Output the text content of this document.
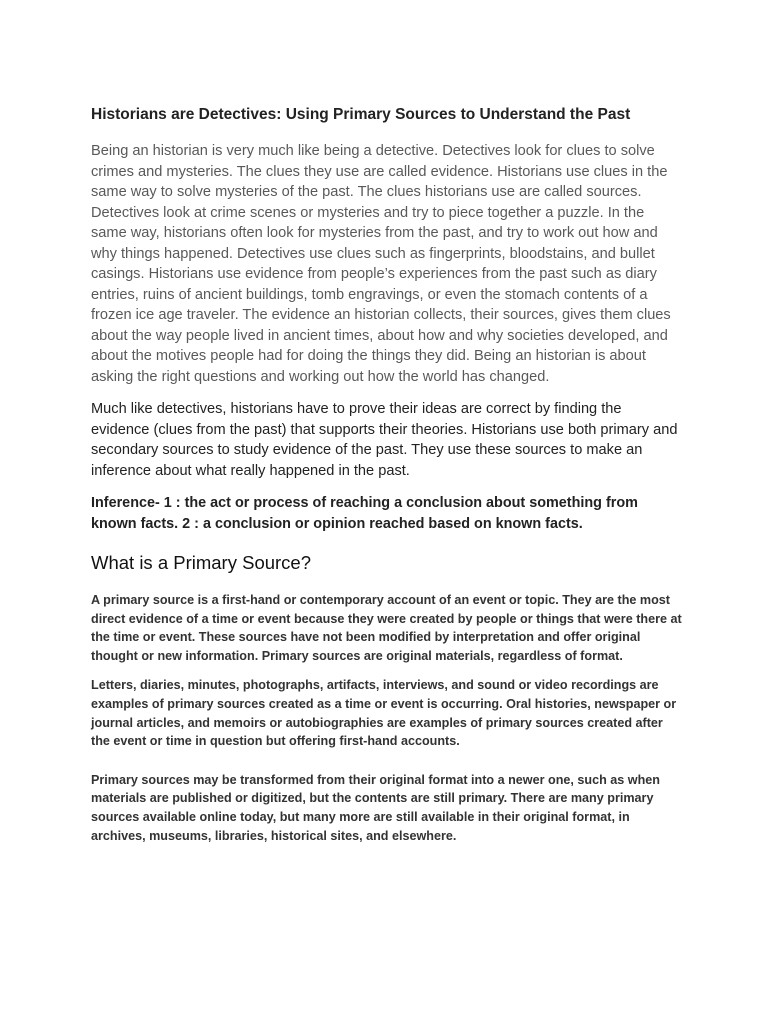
Historians are Detectives: Using Primary Sources to Understand the Past

Being an historian is very much like being a detective. Detectives look for clues to solve crimes and mysteries. The clues they use are called evidence. Historians use clues in the same way to solve mysteries of the past. The clues historians use are called sources. Detectives look at crime scenes or mysteries and try to piece together a puzzle. In the same way, historians often look for mysteries from the past, and try to work out how and why things happened. Detectives use clues such as fingerprints, bloodstains, and bullet casings. Historians use evidence from people’s experiences from the past such as diary entries, ruins of ancient buildings, tomb engravings, or even the stomach contents of a frozen ice age traveler. The evidence an historian collects, their sources, gives them clues about the way people lived in ancient times, about how and why societies developed, and about the motives people had for doing the things they did. Being an historian is about asking the right questions and working out how the world has changed.

Much like detectives, historians have to prove their ideas are correct by finding the evidence (clues from the past) that supports their theories. Historians use both primary and secondary sources to study evidence of the past. They use these sources to make an inference about what really happened in the past.

Inference- 1 : the act or process of reaching a conclusion about something from known facts. 2 : a conclusion or opinion reached based on known facts.

What is a Primary Source?

A primary source is a first-hand or contemporary account of an event or topic. They are the most direct evidence of a time or event because they were created by people or things that were there at the time or event. These sources have not been modified by interpretation and offer original thought or new information. Primary sources are original materials, regardless of format.

Letters, diaries, minutes, photographs, artifacts, interviews, and sound or video recordings are examples of primary sources created as a time or event is occurring. Oral histories, newspaper or journal articles, and memoirs or autobiographies are examples of primary sources created after the event or time in question but offering first-hand accounts.

Primary sources may be transformed from their original format into a newer one, such as when materials are published or digitized, but the contents are still primary. There are many primary sources available online today, but many more are still available in their original format, in archives, museums, libraries, historical sites, and elsewhere.
